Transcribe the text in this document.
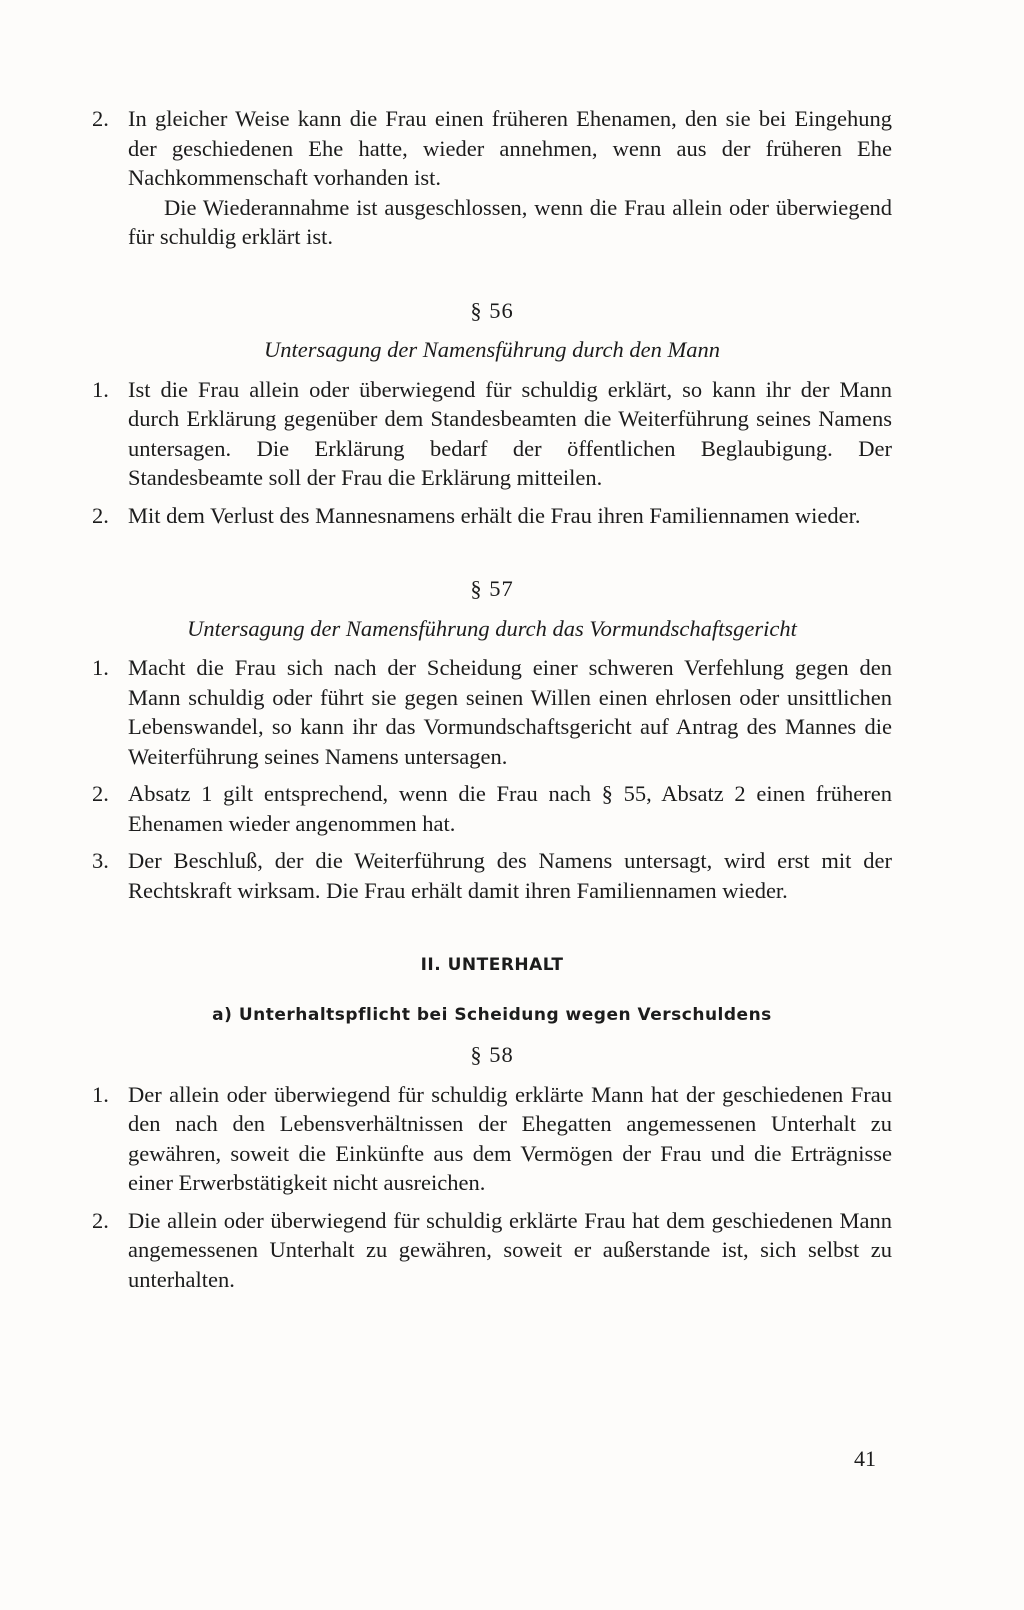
2. In gleicher Weise kann die Frau einen früheren Ehenamen, den sie bei Eingehung der geschiedenen Ehe hatte, wieder annehmen, wenn aus der früheren Ehe Nachkommenschaft vorhanden ist.
Die Wiederannahme ist ausgeschlossen, wenn die Frau allein oder überwiegend für schuldig erklärt ist.
§ 56
Untersagung der Namensführung durch den Mann
1. Ist die Frau allein oder überwiegend für schuldig erklärt, so kann ihr der Mann durch Erklärung gegenüber dem Standesbeamten die Weiterführung seines Namens untersagen. Die Erklärung bedarf der öffentlichen Beglaubigung. Der Standesbeamte soll der Frau die Erklärung mitteilen.
2. Mit dem Verlust des Mannesnamens erhält die Frau ihren Familiennamen wieder.
§ 57
Untersagung der Namensführung durch das Vormundschaftsgericht
1. Macht die Frau sich nach der Scheidung einer schweren Verfehlung gegen den Mann schuldig oder führt sie gegen seinen Willen einen ehrlosen oder unsittlichen Lebenswandel, so kann ihr das Vormundschaftsgericht auf Antrag des Mannes die Weiterführung seines Namens untersagen.
2. Absatz 1 gilt entsprechend, wenn die Frau nach § 55, Absatz 2 einen früheren Ehenamen wieder angenommen hat.
3. Der Beschluß, der die Weiterführung des Namens untersagt, wird erst mit der Rechtskraft wirksam. Die Frau erhält damit ihren Familiennamen wieder.
II. UNTERHALT
a) Unterhaltspflicht bei Scheidung wegen Verschuldens
§ 58
1. Der allein oder überwiegend für schuldig erklärte Mann hat der geschiedenen Frau den nach den Lebensverhältnissen der Ehegatten angemessenen Unterhalt zu gewähren, soweit die Einkünfte aus dem Vermögen der Frau und die Erträgnisse einer Erwerbstätigkeit nicht ausreichen.
2. Die allein oder überwiegend für schuldig erklärte Frau hat dem geschiedenen Mann angemessenen Unterhalt zu gewähren, soweit er außerstande ist, sich selbst zu unterhalten.
41
